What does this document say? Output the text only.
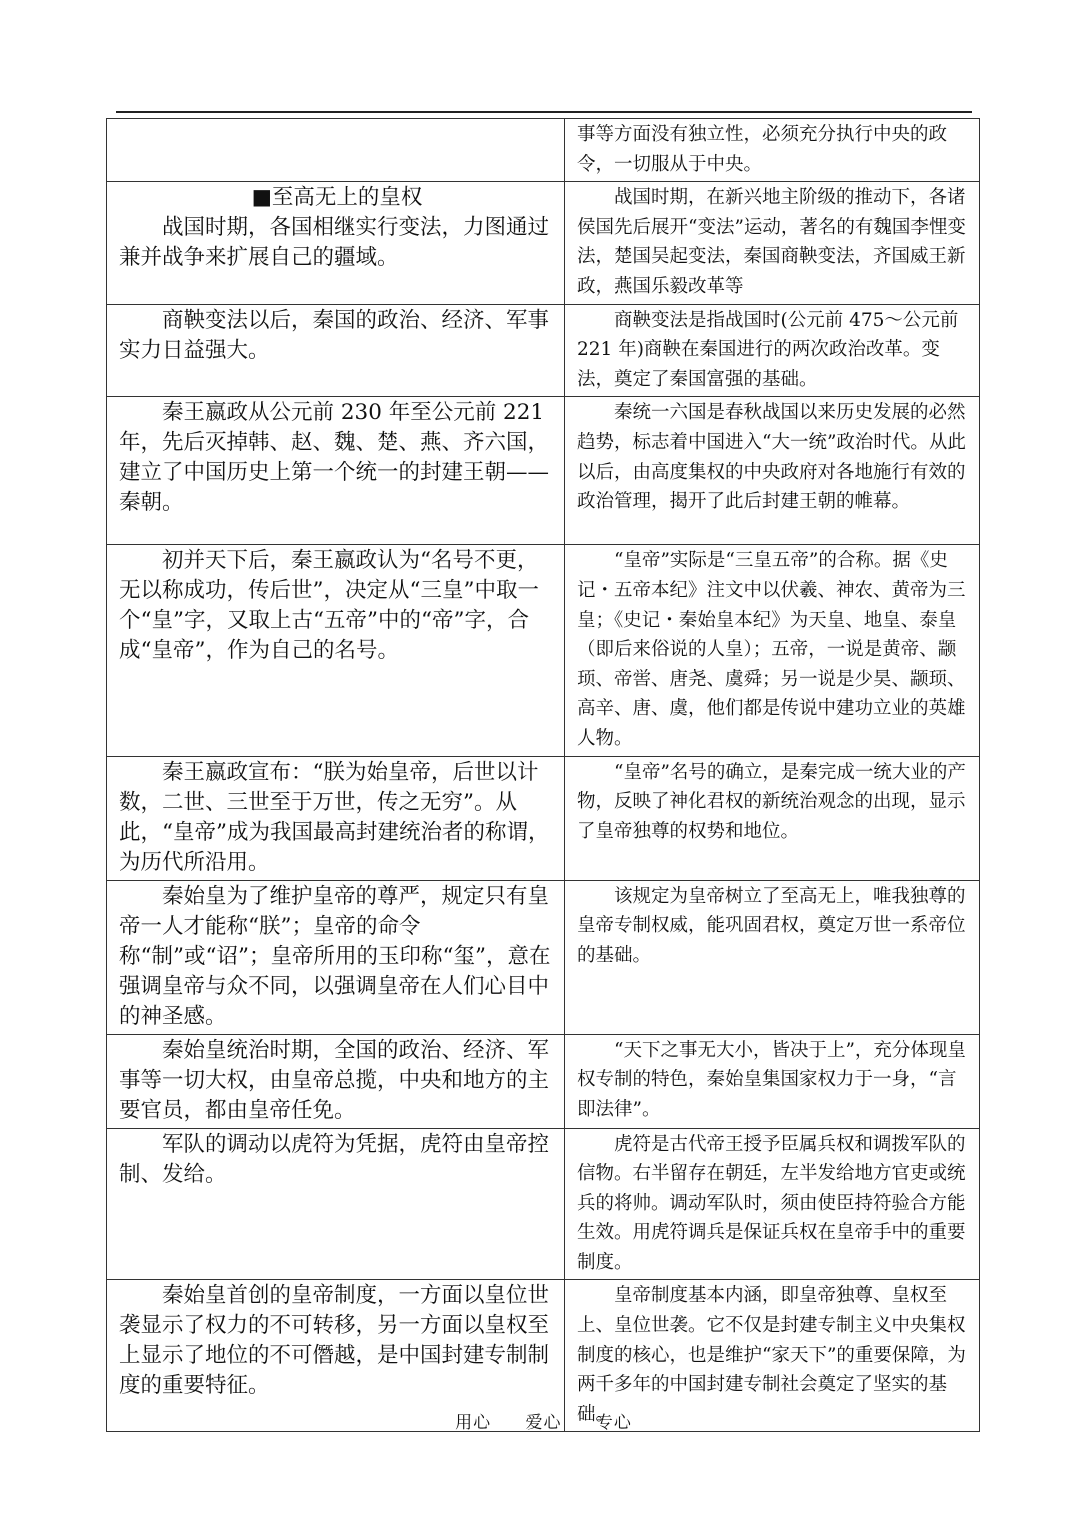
	事等方面没有独立性，必须充分执行中央的政令，一切服从于中央。

■至高无上的皇权
战国时期，各国相继实行变法，力图通过兼并战争来扩展自己的疆域。	战国时期，在新兴地主阶级的推动下，各诸侯国先后展开“变法”运动，著名的有魏国李悝变法，楚国吴起变法，秦国商鞅变法，齐国威王新政，燕国乐毅改革等

商鞅变法以后，秦国的政治、经济、军事实力日益强大。	商鞅变法是指战国时(公元前 475～公元前 221 年)商鞅在秦国进行的两次政治改革。变法，奠定了秦国富强的基础。

秦王嬴政从公元前 230 年至公元前 221 年，先后灭掉韩、赵、魏、楚、燕、齐六国，建立了中国历史上第一个统一的封建王朝——秦朝。	秦统一六国是春秋战国以来历史发展的必然趋势，标志着中国进入“大一统”政治时代。从此以后，由高度集权的中央政府对各地施行有效的政治管理，揭开了此后封建王朝的帷幕。

初并天下后，秦王嬴政认为“名号不更，无以称成功，传后世”，决定从“三皇”中取一个“皇”字，又取上古“五帝”中的“帝”字，合成“皇帝”，作为自己的名号。	“皇帝”实际是“三皇五帝”的合称。据《史记・五帝本纪》注文中以伏羲、神农、黄帝为三皇；《史记・秦始皇本纪》为天皇、地皇、泰皇（即后来俗说的人皇）；五帝，一说是黄帝、颛顼、帝喾、唐尧、虞舜；另一说是少昊、颛顼、高辛、唐、虞，他们都是传说中建功立业的英雄人物。

秦王嬴政宣布：“朕为始皇帝，后世以计数，二世、三世至于万世，传之无穷”。从此，“皇帝”成为我国最高封建统治者的称谓，为历代所沿用。	“皇帝”名号的确立，是秦完成一统大业的产物，反映了神化君权的新统治观念的出现，显示了皇帝独尊的权势和地位。

秦始皇为了维护皇帝的尊严，规定只有皇帝一人才能称“朕”；皇帝的命令称“制”或“诏”；皇帝所用的玉印称“玺”，意在强调皇帝与众不同，以强调皇帝在人们心目中的神圣感。	该规定为皇帝树立了至高无上，唯我独尊的皇帝专制权威，能巩固君权，奠定万世一系帝位的基础。

秦始皇统治时期，全国的政治、经济、军事等一切大权，由皇帝总揽，中央和地方的主要官员，都由皇帝任免。	“天下之事无大小，皆决于上”，充分体现皇权专制的特色，秦始皇集国家权力于一身，“言即法律”。

军队的调动以虎符为凭据，虎符由皇帝控制、发给。	虎符是古代帝王授予臣属兵权和调拨军队的信物。右半留存在朝廷，左半发给地方官吏或统兵的将帅。调动军队时，须由使臣持符验合方能生效。用虎符调兵是保证兵权在皇帝手中的重要制度。

秦始皇首创的皇帝制度，一方面以皇位世袭显示了权力的不可转移，另一方面以皇权至上显示了地位的不可僭越，是中国封建专制制度的重要特征。	皇帝制度基本内涵，即皇帝独尊、皇权至上、皇位世袭。它不仅是封建专制主义中央集权制度的核心，也是维护“家天下”的重要保障，为两千多年的中国封建专制社会奠定了坚实的基础。
用心 爱心 专心
